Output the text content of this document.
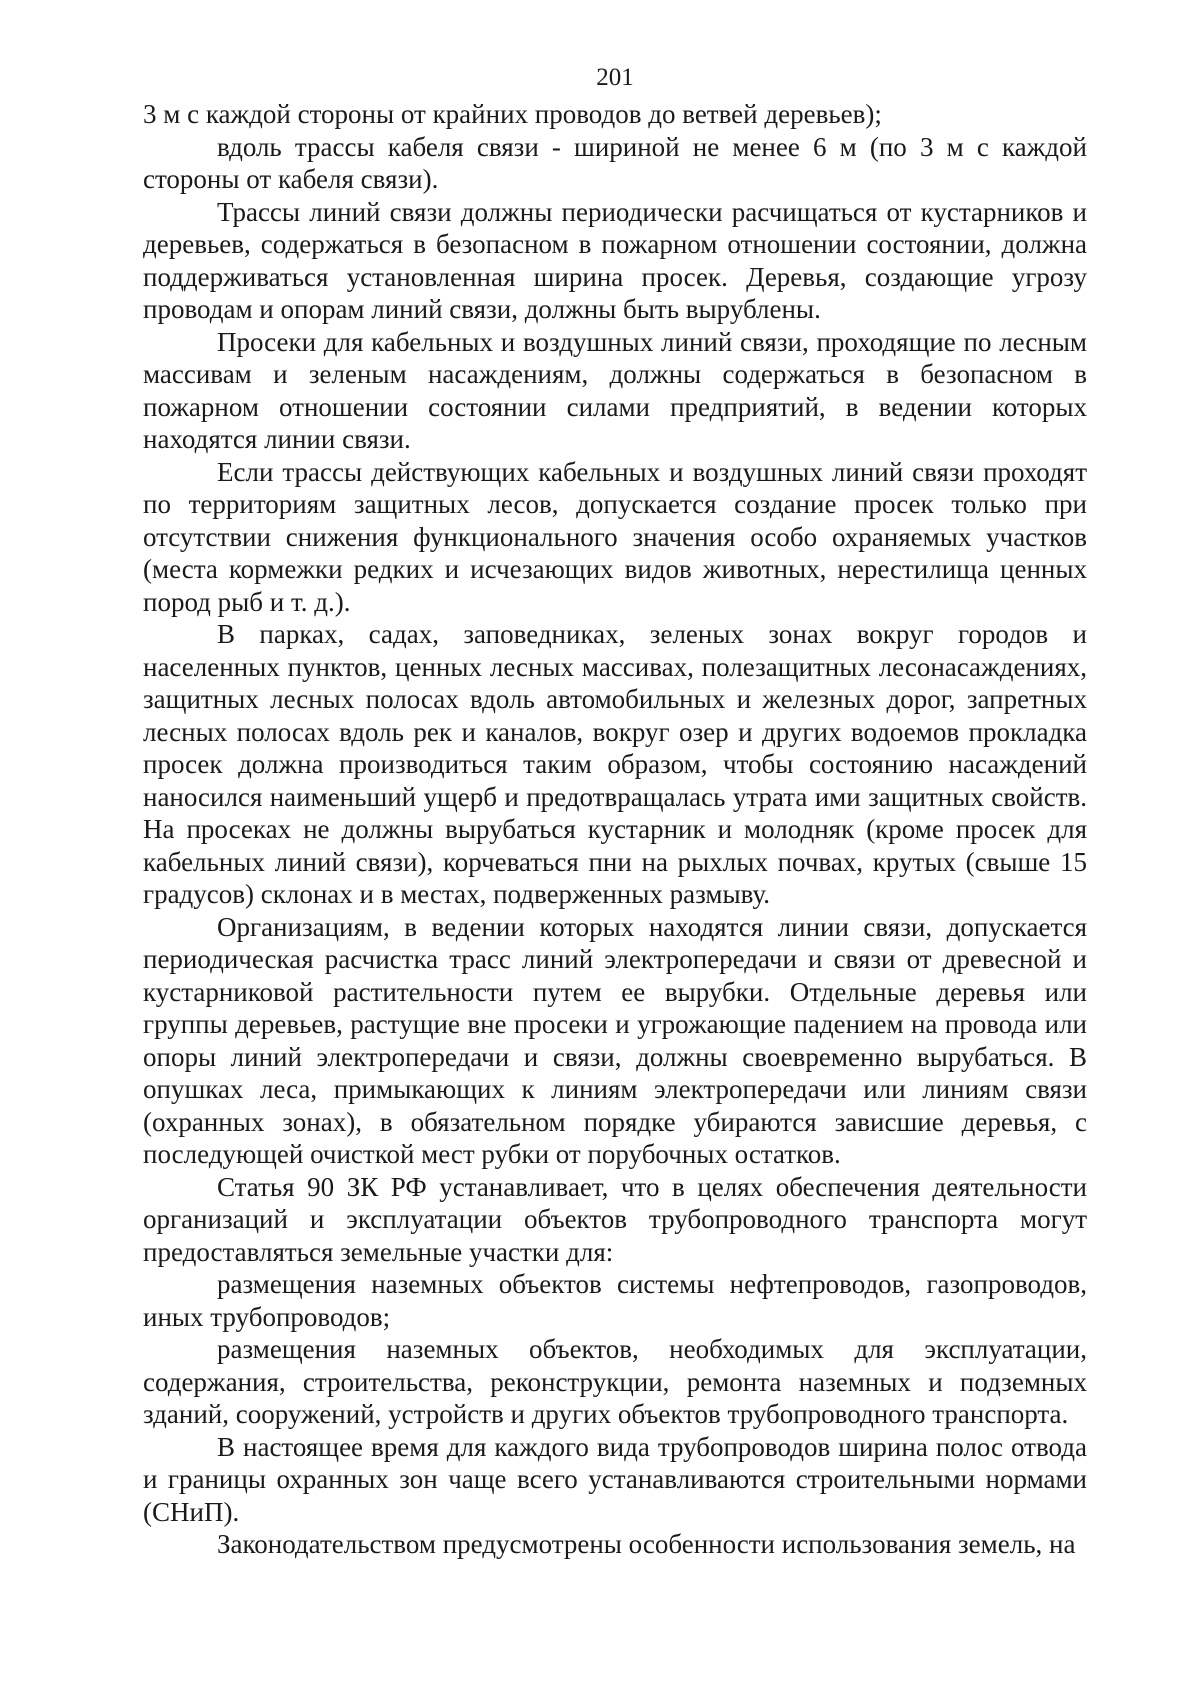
201

3 м с каждой стороны от крайних проводов до ветвей деревьев);

вдоль трассы кабеля связи - шириной не менее 6 м (по 3 м с каждой стороны от кабеля связи).

Трассы линий связи должны периодически расчищаться от кустарников и деревьев, содержаться в безопасном в пожарном отношении состоянии, должна поддерживаться установленная ширина просек. Деревья, создающие угрозу проводам и опорам линий связи, должны быть вырублены.

Просеки для кабельных и воздушных линий связи, проходящие по лесным массивам и зеленым насаждениям, должны содержаться в безопасном в пожарном отношении состоянии силами предприятий, в ведении которых находятся линии связи.

Если трассы действующих кабельных и воздушных линий связи проходят по территориям защитных лесов, допускается создание просек только при отсутствии снижения функционального значения особо охраняемых участков (места кормежки редких и исчезающих видов животных, нерестилища ценных пород рыб и т. д.).

В парках, садах, заповедниках, зеленых зонах вокруг городов и населенных пунктов, ценных лесных массивах, полезащитных лесонасаждениях, защитных лесных полосах вдоль автомобильных и железных дорог, запретных лесных полосах вдоль рек и каналов, вокруг озер и других водоемов прокладка просек должна производиться таким образом, чтобы состоянию насаждений наносился наименьший ущерб и предотвращалась утрата ими защитных свойств. На просеках не должны вырубаться кустарник и молодняк (кроме просек для кабельных линий связи), корчеваться пни на рыхлых почвах, крутых (свыше 15 градусов) склонах и в местах, подверженных размыву.

Организациям, в ведении которых находятся линии связи, допускается периодическая расчистка трасс линий электропередачи и связи от древесной и кустарниковой растительности путем ее вырубки. Отдельные деревья или группы деревьев, растущие вне просеки и угрожающие падением на провода или опоры линий электропередачи и связи, должны своевременно вырубаться. В опушках леса, примыкающих к линиям электропередачи или линиям связи (охранных зонах), в обязательном порядке убираются зависшие деревья, с последующей очисткой мест рубки от порубочных остатков.

Статья 90 ЗК РФ устанавливает, что в целях обеспечения деятельности организаций и эксплуатации объектов трубопроводного транспорта могут предоставляться земельные участки для:

размещения наземных объектов системы нефтепроводов, газопроводов, иных трубопроводов;

размещения наземных объектов, необходимых для эксплуатации, содержания, строительства, реконструкции, ремонта наземных и подземных зданий, сооружений, устройств и других объектов трубопроводного транспорта.

В настоящее время для каждого вида трубопроводов ширина полос отвода и границы охранных зон чаще всего устанавливаются строительными нормами (СНиП).

Законодательством предусмотрены особенности использования земель, на
